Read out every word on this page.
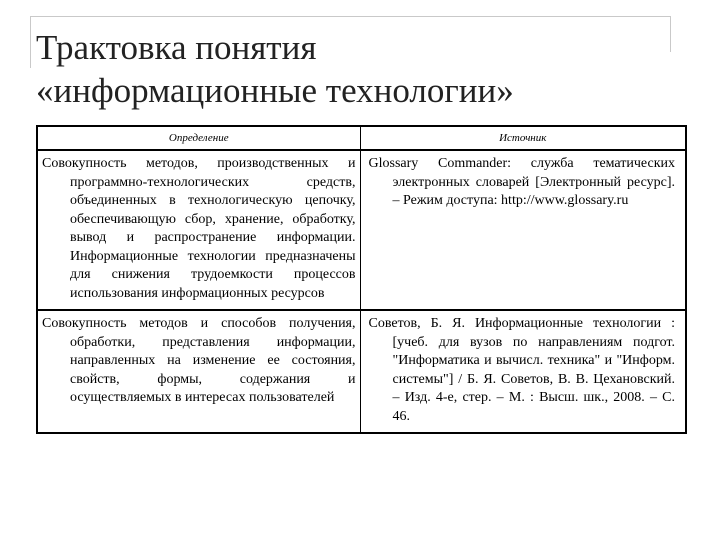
Трактовка понятия
«информационные технологии»
Определение	Источник

Совокупность методов, производственных и программно-технологических средств, объединенных в технологическую цепочку, обеспечивающую сбор, хранение, обработку, вывод и распространение информации. Информационные технологии предназначены для снижения трудоемкости процессов использования информационных ресурсов	Glossary Commander: служба тематических электронных словарей [Электронный ресурс]. – Режим доступа: http://www.glossary.ru

Совокупность методов и способов получения, обработки, представления информации, направленных на изменение ее состояния, свойств, формы, содержания и осуществляемых в интересах пользователей	Советов, Б. Я. Информационные технологии : [учеб. для вузов по направлениям подгот. "Информатика и вычисл. техника" и "Информ. системы"] / Б. Я. Советов, В. В. Цехановский. – Изд. 4-е, стер. – М. : Высш. шк., 2008. – С. 46.
